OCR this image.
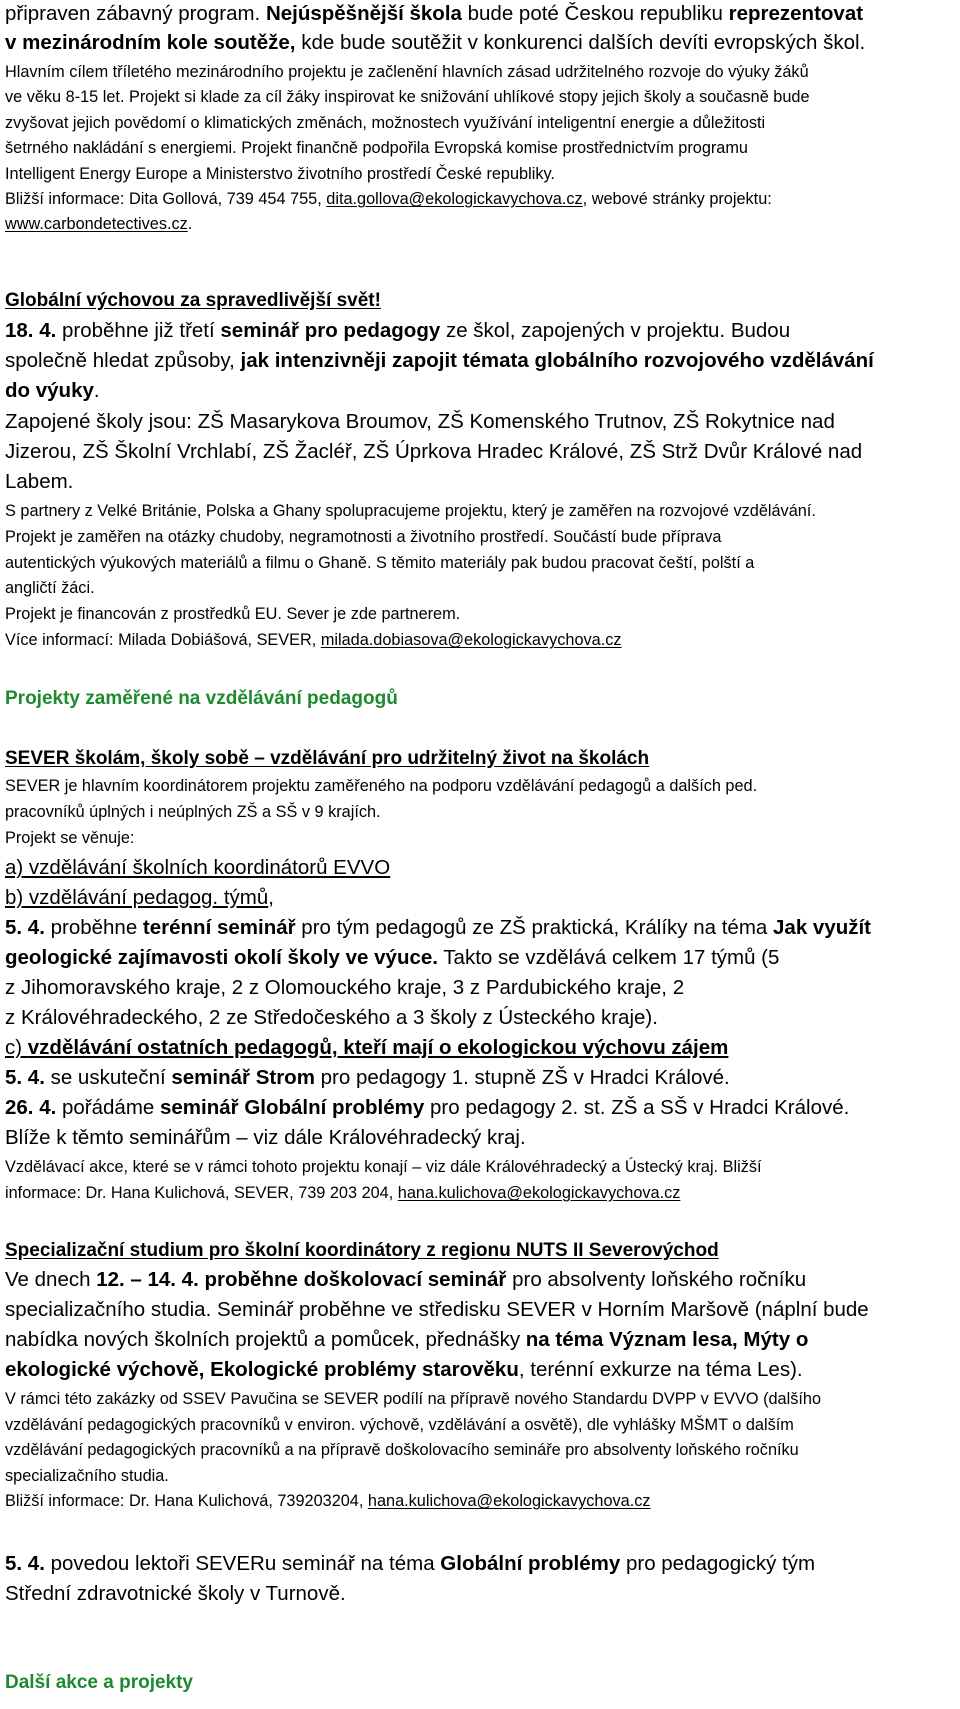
připraven zábavný program. Nejúspěšnější škola bude poté Českou republiku reprezentovat
v mezinárodním kole soutěže, kde bude soutěžit v konkurenci dalších devíti evropských škol.
Hlavním cílem tříletého mezinárodního projektu je začlenění hlavních zásad udržitelného rozvoje do výuky žáků
ve věku 8-15 let. Projekt si klade za cíl žáky inspirovat ke snižování uhlíkové stopy jejich školy a současně bude
zvyšovat jejich povědomí o klimatických změnách, možnostech využívání inteligentní energie a důležitosti
šetrného nakládání s energiemi. Projekt finančně podpořila Evropská komise prostřednictvím programu
Intelligent Energy Europe a Ministerstvo životního prostředí České republiky.
Bližší informace: Dita Gollová, 739 454 755, dita.gollova@ekologickavychova.cz, webové stránky projektu:
www.carbondetectives.cz.
Globální výchovou za spravedlivější svět!
18. 4. proběhne již třetí seminář pro pedagogy ze škol, zapojených v projektu. Budou
společně hledat způsoby, jak intenzivněji zapojit témata globálního rozvojového vzdělávání
do výuky.
Zapojené školy jsou: ZŠ Masarykova Broumov, ZŠ Komenského Trutnov, ZŠ Rokytnice nad
Jizerou, ZŠ Školní Vrchlabí, ZŠ Žacléř, ZŠ Úprkova Hradec Králové, ZŠ Strž Dvůr Králové nad
Labem.
S partnery z Velké Británie, Polska a Ghany spolupracujeme projektu, který je zaměřen na rozvojové vzdělávání.
Projekt je zaměřen na otázky chudoby, negramotnosti a životního prostředí. Součástí bude příprava
autentických výukových materiálů a filmu o Ghaně. S těmito materiály pak budou pracovat čeští, polští a
angličtí žáci.
Projekt je financován z prostředků EU. Sever je zde partnerem.
Více informací: Milada Dobiášová, SEVER, milada.dobiasova@ekologickavychova.cz
Projekty zaměřené na vzdělávání pedagogů
SEVER školám, školy sobě – vzdělávání pro udržitelný život na školách
SEVER je hlavním koordinátorem projektu zaměřeného na podporu vzdělávání pedagogů a dalších ped.
pracovníků úplných i neúplných ZŠ a SŠ v 9 krajích.
Projekt se věnuje:
a) vzdělávání školních koordinátorů EVVO
b) vzdělávání pedagog. týmů,
5. 4. proběhne terénní seminář pro tým pedagogů ze ZŠ praktická, Králíky na téma Jak využít
geologické zajímavosti okolí školy ve výuce. Takto se vzdělává celkem 17 týmů (5
z Jihomoravského kraje, 2 z Olomouckého kraje, 3 z Pardubického kraje, 2
z Královéhradeckého, 2 ze Středočeského a 3 školy z Ústeckého kraje).
c) vzdělávání ostatních pedagogů, kteří mají o ekologickou výchovu zájem
5. 4. se uskuteční seminář Strom pro pedagogy 1. stupně ZŠ v Hradci Králové.
26. 4. pořádáme seminář Globální problémy pro pedagogy 2. st. ZŠ a SŠ v Hradci Králové.
Blíže k těmto seminářům – viz dále Královéhradecký kraj.
Vzdělávací akce, které se v rámci tohoto projektu konají – viz dále Královéhradecký a Ústecký kraj. Bližší
informace: Dr. Hana Kulichová, SEVER, 739 203 204, hana.kulichova@ekologickavychova.cz
Specializační studium pro školní koordinátory z regionu NUTS II Severovýchod
Ve dnech 12. – 14. 4. proběhne doškolovací seminář pro absolventy loňského ročníku
specializačního studia. Seminář proběhne ve středisku SEVER v Horním Maršově (náplní bude
nabídka nových školních projektů a pomůcek, přednášky na téma Význam lesa, Mýty o
ekologické výchově, Ekologické problémy starověku, terénní exkurze na téma Les).
V rámci této zakázky od SSEV Pavučina se SEVER podílí na přípravě nového Standardu DVPP v EVVO (dalšího
vzdělávání pedagogických pracovníků v environ. výchově, vzdělávání a osvětě), dle vyhlášky MŠMT o dalším
vzdělávání pedagogických pracovníků a na přípravě doškolovacího semináře pro absolventy loňského ročníku
specializačního studia.
Bližší informace: Dr. Hana Kulichová, 739203204, hana.kulichova@ekologickavychova.cz
5. 4. povedou lektoři SEVERu seminář na téma Globální problémy pro pedagogický tým
Střední zdravotnické školy v Turnově.
Další akce a projekty
